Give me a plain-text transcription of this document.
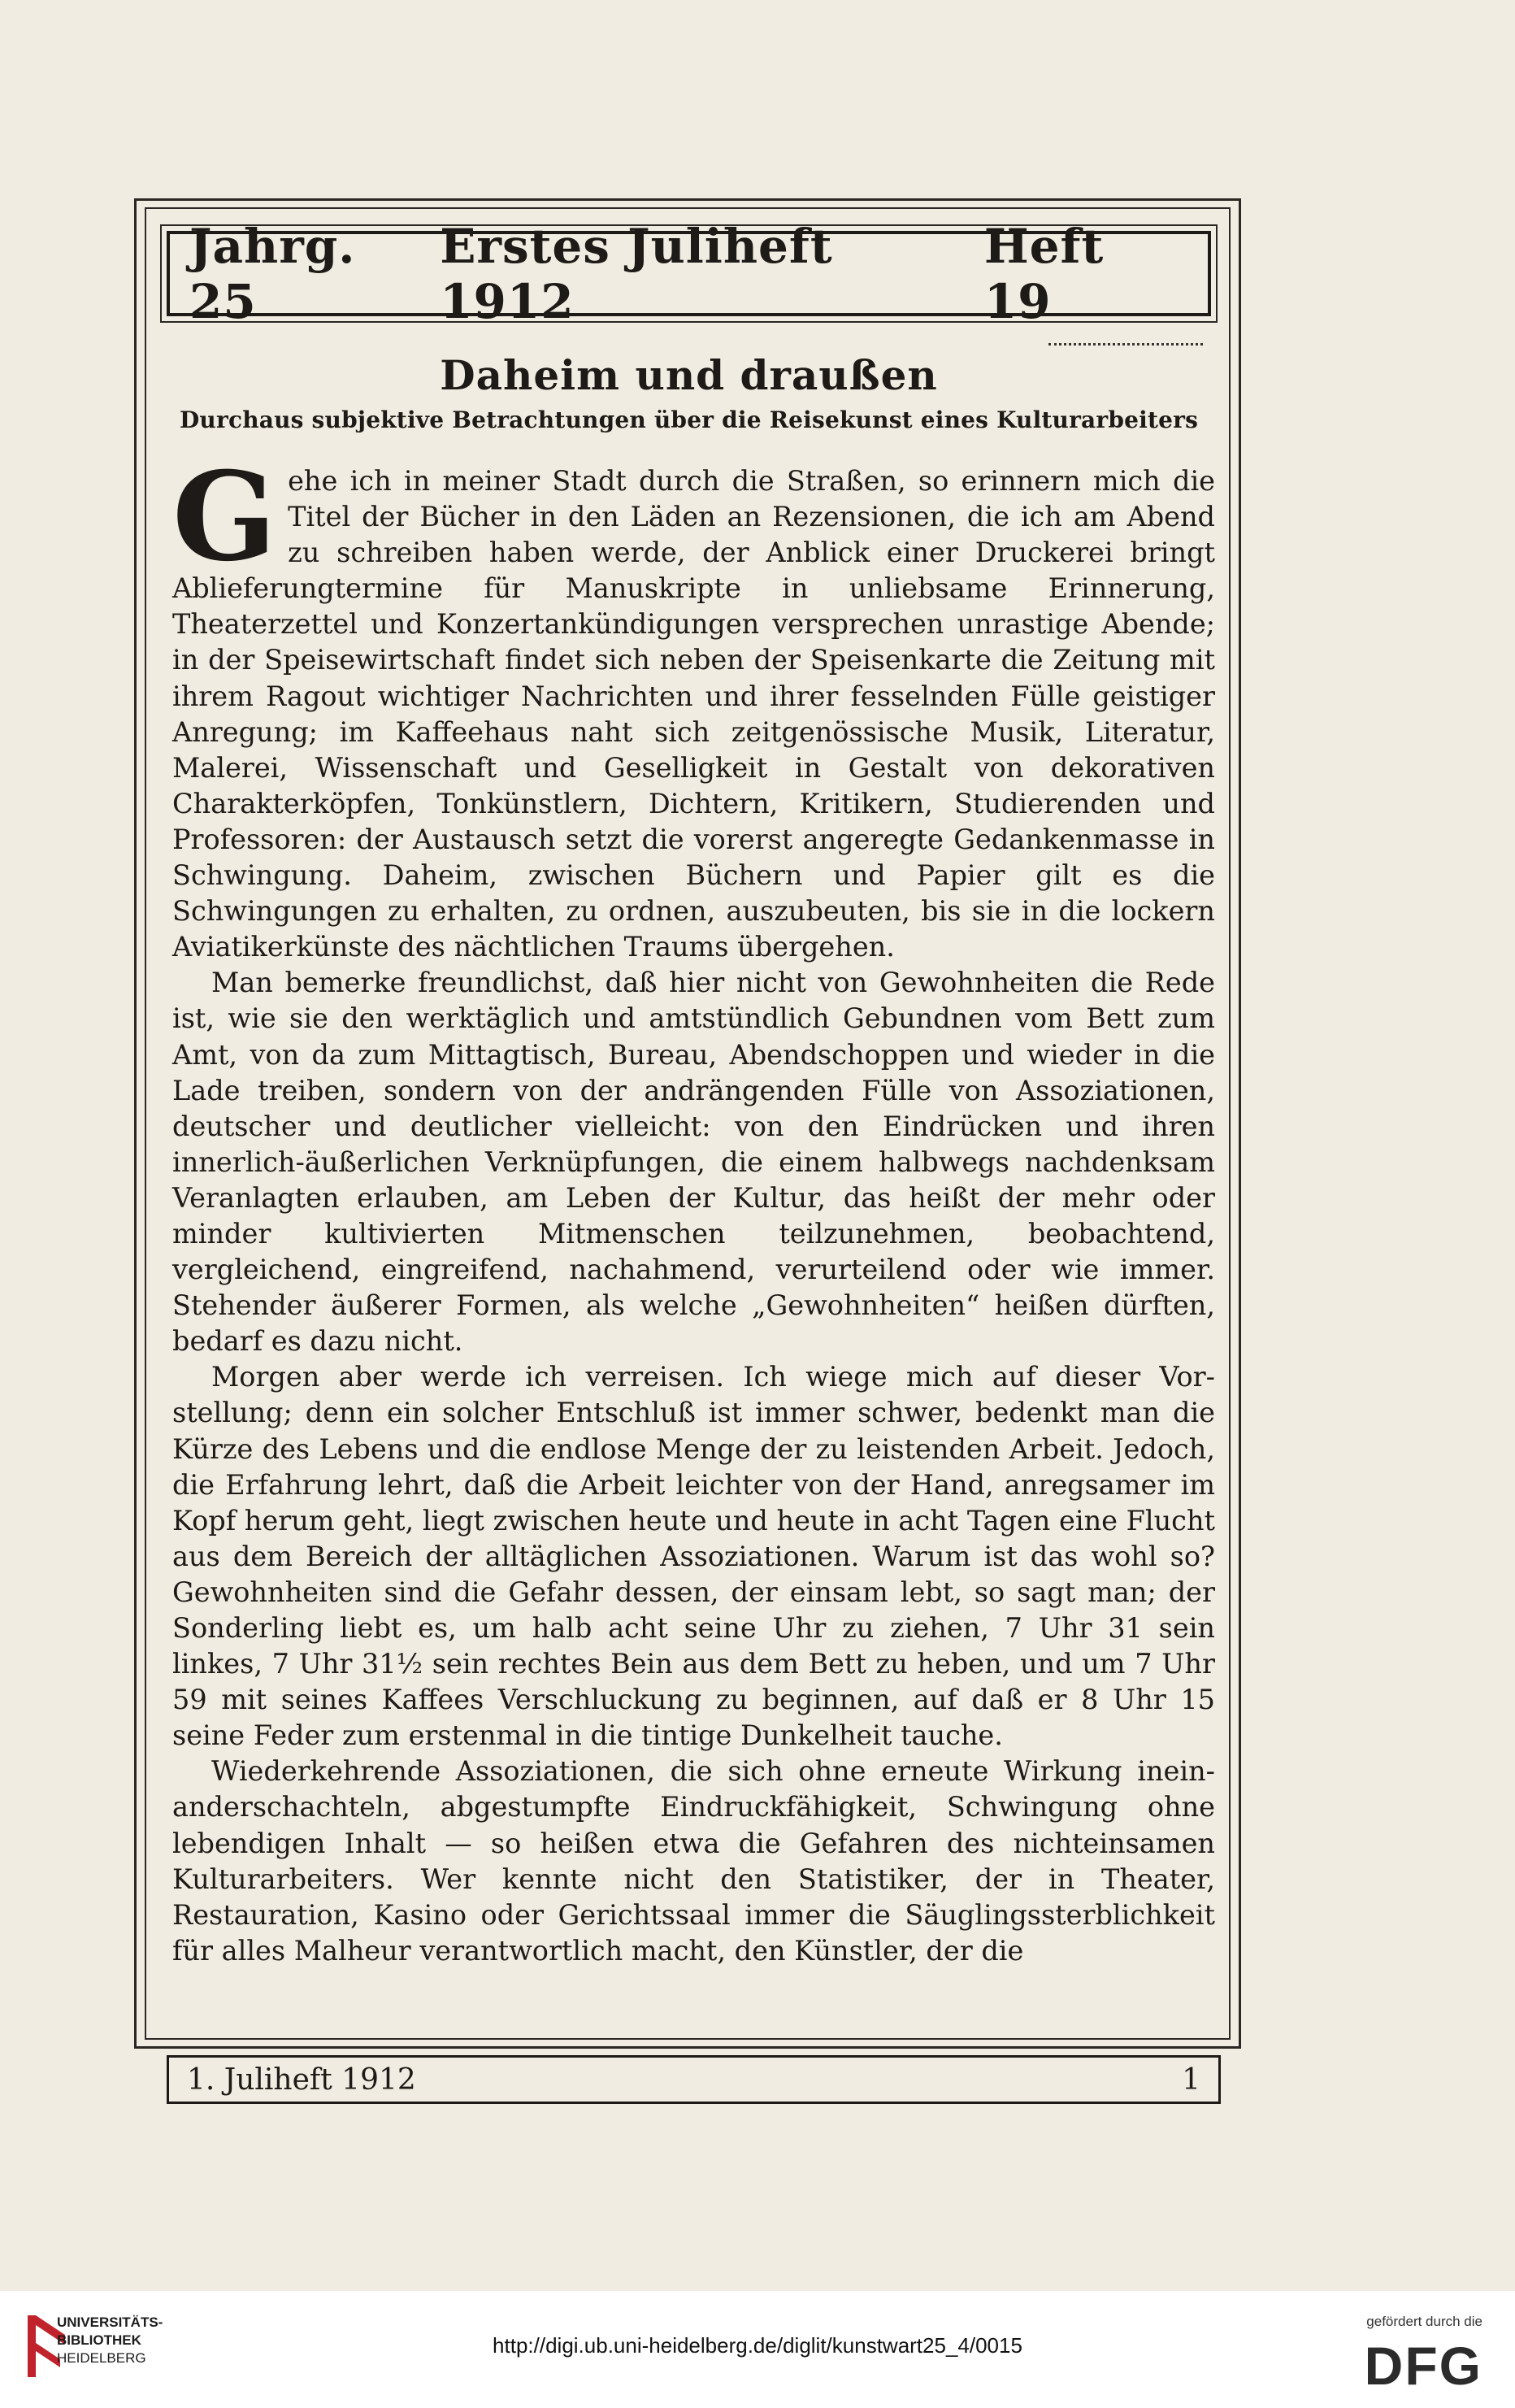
Jahrg. 25
Erstes Juliheft 1912
Heft 19
Daheim und draußen
Durchaus subjektive Betrachtungen über die Reisekunst eines Kulturarbeiters

Gehe ich in meiner Stadt durch die Straßen, so erinnern mich die Titel der Bücher in den Läden an Rezensionen, die ich am Abend zu schreiben haben werde, der Anblick einer Druckerei bringt Ablieferungtermine für Manuskripte in unliebsame Erinnerung, Theaterzettel und Konzertankündigungen versprechen unrastige Abende; in der Speisewirtschaft findet sich neben der Speisenkarte die Zeitung mit ihrem Ragout wichtiger Nachrichten und ihrer fesselnden Fülle geistiger Anregung; im Kaffeehaus naht sich zeitgenössische Musik, Literatur, Malerei, Wissenschaft und Geselligkeit in Gestalt von dekorativen Charakterköpfen, Tonkünstlern, Dichtern, Kritikern, Studierenden und Professoren: der Austausch setzt die vorerst angeregte Gedankenmasse in Schwingung. Daheim, zwischen Büchern und Papier gilt es die Schwingungen zu erhalten, zu ordnen, auszubeuten, bis sie in die lockern Aviatikerkünste des nächtlichen Traums übergehen.

Man bemerke freundlichst, daß hier nicht von Gewohnheiten die Rede ist, wie sie den werktäglich und amtstündlich Gebundnen vom Bett zum Amt, von da zum Mittagtisch, Bureau, Abendschoppen und wieder in die Lade treiben, sondern von der andrängenden Fülle von Assoziationen, deutscher und deutlicher vielleicht: von den Eindrücken und ihren innerlich-äußerlichen Verknüpfungen, die einem halbwegs nachdenksam Veranlagten erlauben, am Leben der Kultur, das heißt der mehr oder minder kultivierten Mitmenschen teilzunehmen, beobachtend, vergleichend, eingreifend, nachahmend, verurteilend oder wie immer. Stehender äußerer Formen, als welche „Gewohnheiten“ heißen dürften, bedarf es dazu nicht.

Morgen aber werde ich verreisen. Ich wiege mich auf dieser Vorstellung; denn ein solcher Entschluß ist immer schwer, bedenkt man die Kürze des Lebens und die endlose Menge der zu leistenden Arbeit. Jedoch, die Erfahrung lehrt, daß die Arbeit leichter von der Hand, anregsamer im Kopf herum geht, liegt zwischen heute und heute in acht Tagen eine Flucht aus dem Bereich der alltäglichen Assoziationen. Warum ist das wohl so? Gewohnheiten sind die Gefahr dessen, der einsam lebt, so sagt man; der Sonderling liebt es, um halb acht seine Uhr zu ziehen, 7 Uhr 31 sein linkes, 7 Uhr 31½ sein rechtes Bein aus dem Bett zu heben, und um 7 Uhr 59 mit seines Kaffees Verschluckung zu beginnen, auf daß er 8 Uhr 15 seine Feder zum erstenmal in die tintige Dunkelheit tauche.

Wiederkehrende Assoziationen, die sich ohne erneute Wirkung ineinanderschachteln, abgestumpfte Eindruckfähigkeit, Schwingung ohne lebendigen Inhalt — so heißen etwa die Gefahren des nichteinsamen Kulturarbeiters. Wer kennte nicht den Statistiker, der in Theater, Restauration, Kasino oder Gerichtssaal immer die Säuglingssterblichkeit für alles Malheur verantwortlich macht, den Künstler, der die

1. Juliheft 1912	1
UNIVERSITÄTS-
BIBLIOTHEK
HEIDELBERG
http://digi.ub.uni-heidelberg.de/diglit/kunstwart25_4/0015
gefördert durch die
DFG
